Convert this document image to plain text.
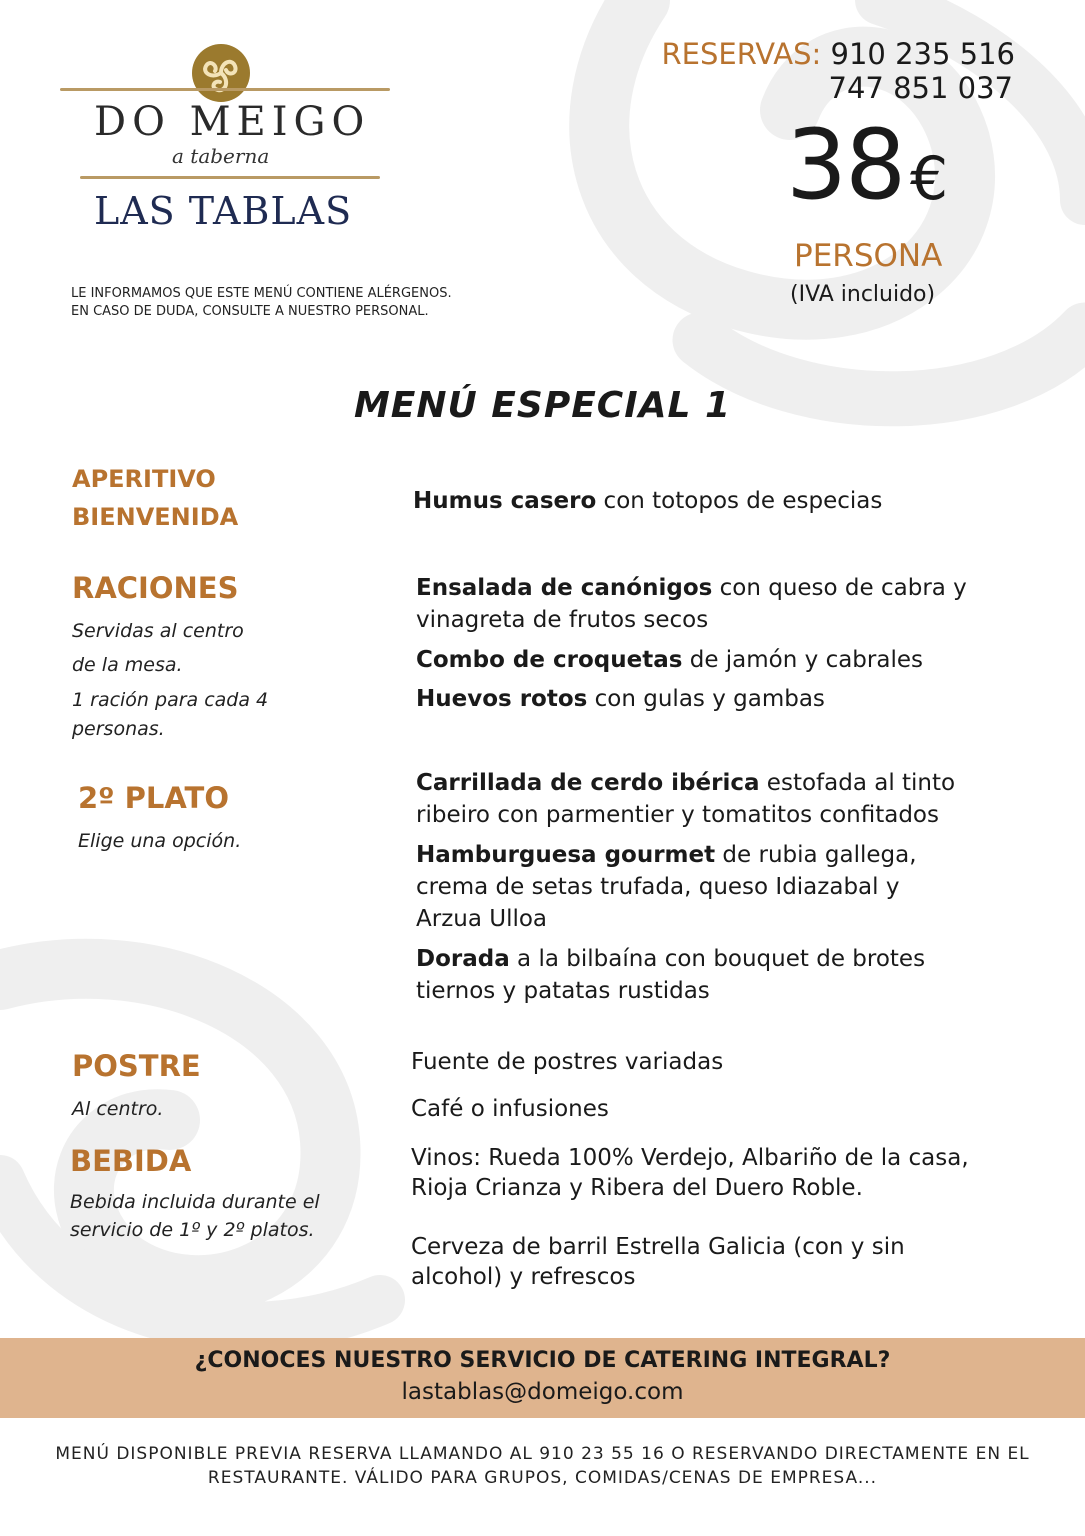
DO MEIGO
a taberna
LAS TABLAS
RESERVAS: 910 235 516
747 851 037
38 €
PERSONA
(IVA incluido)
LE INFORMAMOS QUE ESTE MENÚ CONTIENE ALÉRGENOS.
EN CASO DE DUDA, CONSULTE A NUESTRO PERSONAL.
MENÚ ESPECIAL 1
APERITIVO
BIENVENIDA
Humus casero con totopos de especias
RACIONES
Servidas al centro
de la mesa.
1 ración para cada 4
personas.
Ensalada de canónigos con queso de cabra y
vinagreta de frutos secos
Combo de croquetas de jamón y cabrales
Huevos rotos con gulas y gambas
2º PLATO
Elige una opción.
Carrillada de cerdo ibérica estofada al tinto
ribeiro con parmentier y tomatitos confitados
Hamburguesa gourmet de rubia gallega,
crema de setas trufada, queso Idiazabal y
Arzua Ulloa
Dorada a la bilbaína con bouquet de brotes
tiernos y patatas rustidas
POSTRE
Al centro.
Fuente de postres variadas
Café o infusiones
BEBIDA
Bebida incluida durante el
servicio de 1º y 2º platos.
Vinos: Rueda 100% Verdejo, Albariño de la casa,
Rioja Crianza y Ribera del Duero Roble.
Cerveza de barril Estrella Galicia (con y sin
alcohol) y refrescos
¿CONOCES NUESTRO SERVICIO DE CATERING INTEGRAL?
lastablas@domeigo.com
MENÚ DISPONIBLE PREVIA RESERVA LLAMANDO AL 910 23 55 16 O RESERVANDO DIRECTAMENTE EN EL
RESTAURANTE. VÁLIDO PARA GRUPOS, COMIDAS/CENAS DE EMPRESA...
